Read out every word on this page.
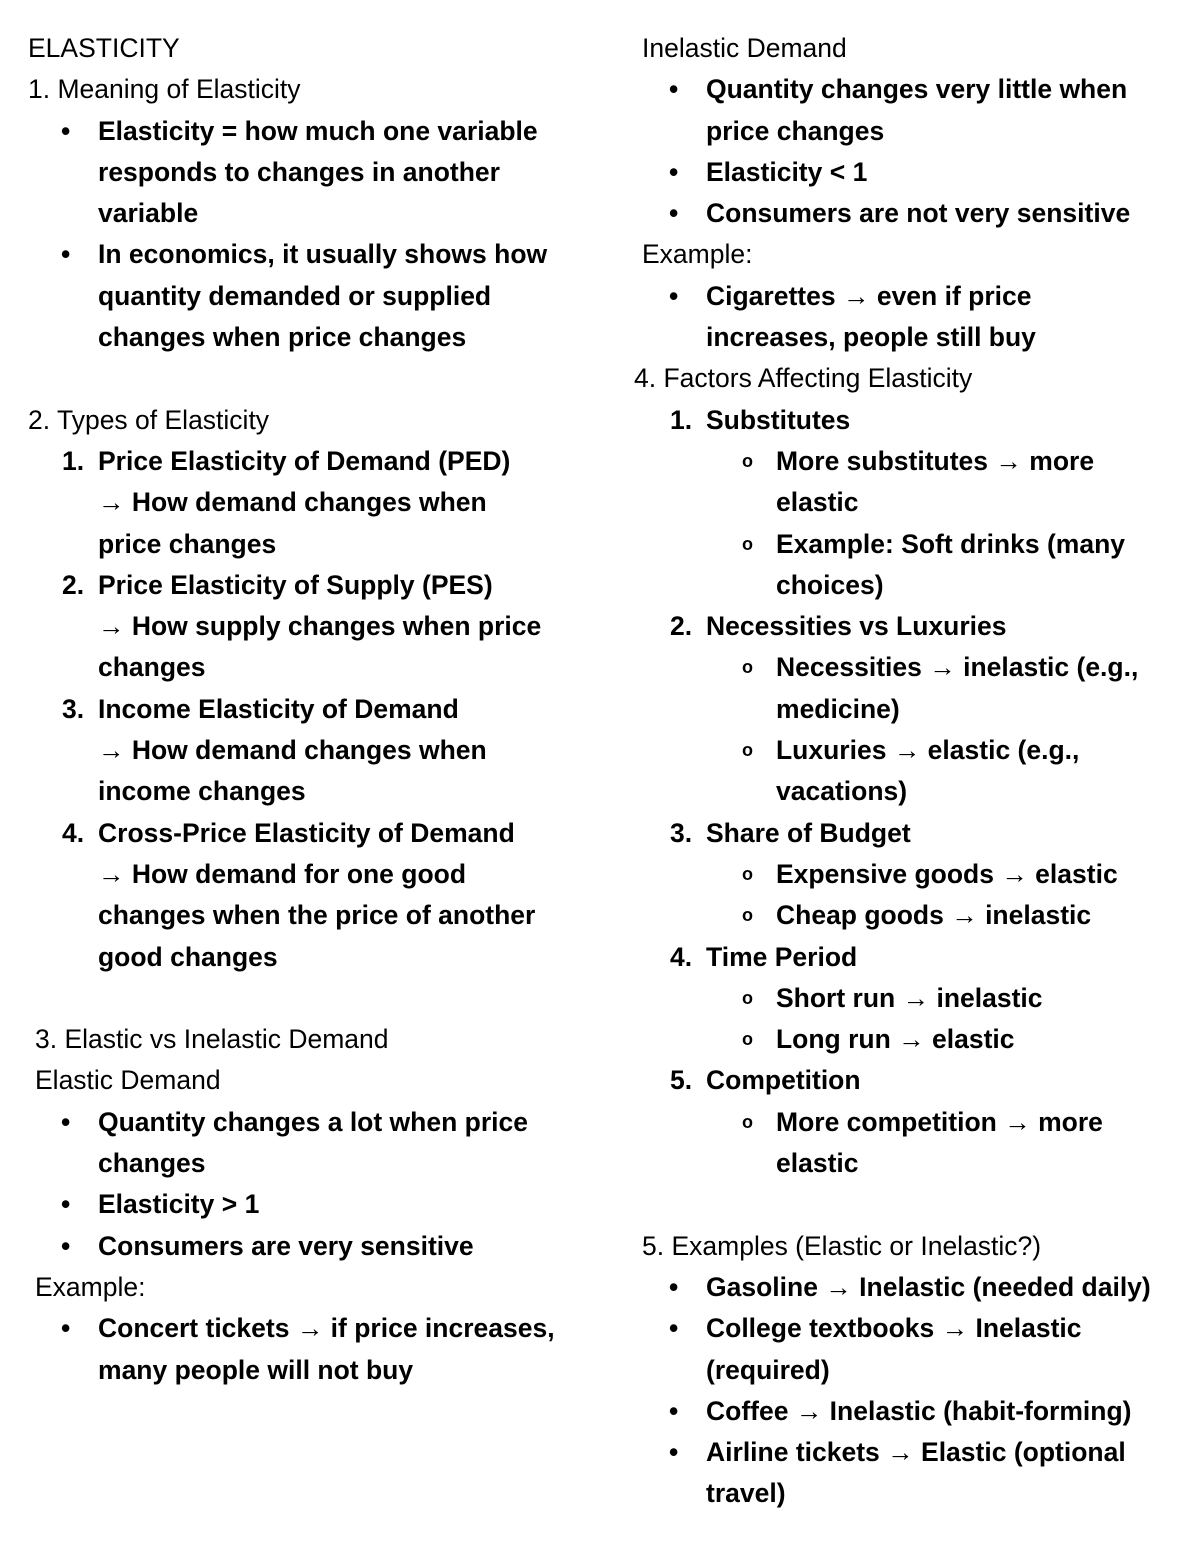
ELASTICITY
1. Meaning of Elasticity
• Elasticity = how much one variable
responds to changes in another
variable
• In economics, it usually shows how
quantity demanded or supplied
changes when price changes
2. Types of Elasticity
1. Price Elasticity of Demand (PED)
→ How demand changes when
price changes
2. Price Elasticity of Supply (PES)
→ How supply changes when price
changes
3. Income Elasticity of Demand
→ How demand changes when
income changes
4. Cross-Price Elasticity of Demand
→ How demand for one good
changes when the price of another
good changes
3. Elastic vs Inelastic Demand
Elastic Demand
• Quantity changes a lot when price
changes
• Elasticity > 1
• Consumers are very sensitive
Example:
• Concert tickets → if price increases,
many people will not buy
Inelastic Demand
• Quantity changes very little when
price changes
• Elasticity < 1
• Consumers are not very sensitive
Example:
• Cigarettes → even if price
increases, people still buy
4. Factors Affecting Elasticity
1. Substitutes
o More substitutes → more
elastic
o Example: Soft drinks (many
choices)
2. Necessities vs Luxuries
o Necessities → inelastic (e.g.,
medicine)
o Luxuries → elastic (e.g.,
vacations)
3. Share of Budget
o Expensive goods → elastic
o Cheap goods → inelastic
4. Time Period
o Short run → inelastic
o Long run → elastic
5. Competition
o More competition → more
elastic
5. Examples (Elastic or Inelastic?)
• Gasoline → Inelastic (needed daily)
• College textbooks → Inelastic
(required)
• Coffee → Inelastic (habit-forming)
• Airline tickets → Elastic (optional
travel)
